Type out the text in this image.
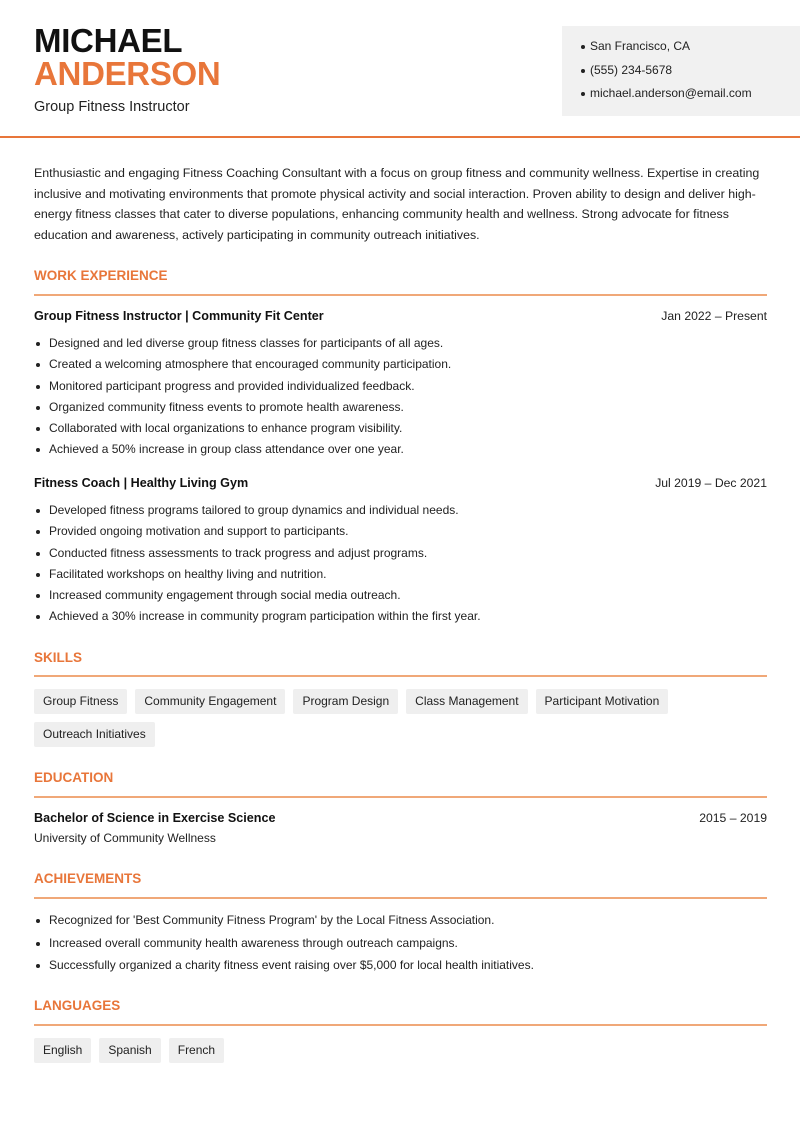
MICHAEL
ANDERSON
Group Fitness Instructor
San Francisco, CA
(555) 234-5678
michael.anderson@email.com
Enthusiastic and engaging Fitness Coaching Consultant with a focus on group fitness and community wellness. Expertise in creating inclusive and motivating environments that promote physical activity and social interaction. Proven ability to design and deliver high-energy fitness classes that cater to diverse populations, enhancing community health and wellness. Strong advocate for fitness education and awareness, actively participating in community outreach initiatives.
WORK EXPERIENCE
Group Fitness Instructor | Community Fit Center	Jan 2022 – Present
Designed and led diverse group fitness classes for participants of all ages.
Created a welcoming atmosphere that encouraged community participation.
Monitored participant progress and provided individualized feedback.
Organized community fitness events to promote health awareness.
Collaborated with local organizations to enhance program visibility.
Achieved a 50% increase in group class attendance over one year.
Fitness Coach | Healthy Living Gym	Jul 2019 – Dec 2021
Developed fitness programs tailored to group dynamics and individual needs.
Provided ongoing motivation and support to participants.
Conducted fitness assessments to track progress and adjust programs.
Facilitated workshops on healthy living and nutrition.
Increased community engagement through social media outreach.
Achieved a 30% increase in community program participation within the first year.
SKILLS
Group Fitness	Community Engagement	Program Design	Class Management	Participant Motivation
Outreach Initiatives
EDUCATION
Bachelor of Science in Exercise Science	2015 – 2019
University of Community Wellness
ACHIEVEMENTS
Recognized for 'Best Community Fitness Program' by the Local Fitness Association.
Increased overall community health awareness through outreach campaigns.
Successfully organized a charity fitness event raising over $5,000 for local health initiatives.
LANGUAGES
English	Spanish	French
